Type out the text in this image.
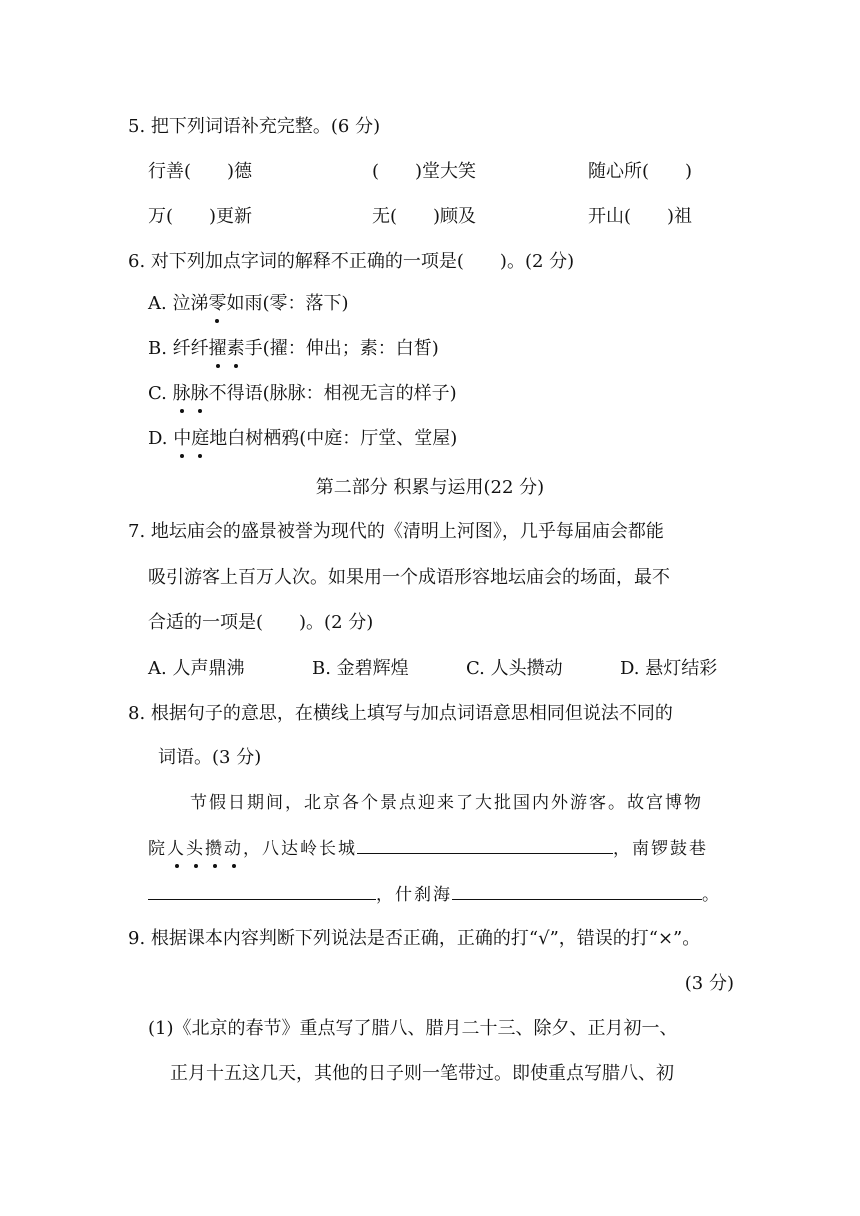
5. 把下列词语补充完整。(6 分)
行善(　　)德	(　　)堂大笑	随心所(　　)
万(　　)更新	无(　　)顾及	开山(　　)祖
6. 对下列加点字词的解释不正确的一项是(　　)。(2 分)
A. 泣涕零如雨(零：落下)
B. 纤纤擢素手(擢：伸出；素：白皙)
C. 脉脉不得语(脉脉：相视无言的样子)
D. 中庭地白树栖鸦(中庭：厅堂、堂屋)
第二部分 积累与运用(22 分)
7. 地坛庙会的盛景被誉为现代的《清明上河图》，几乎每届庙会都能
吸引游客上百万人次。如果用一个成语形容地坛庙会的场面，最不
合适的一项是(　　)。(2 分)
A. 人声鼎沸	B. 金碧辉煌	C. 人头攒动	D. 悬灯结彩
8. 根据句子的意思，在横线上填写与加点词语意思相同但说法不同的
词语。(3 分)
节假日期间，北京各个景点迎来了大批国内外游客。故宫博物
院人头攒动，八达岭长城	，南锣鼓巷
，什刹海	。
9. 根据课本内容判断下列说法是否正确，正确的打“√”，错误的打“×”。
(3 分)
(1)《北京的春节》重点写了腊八、腊月二十三、除夕、正月初一、
正月十五这几天，其他的日子则一笔带过。即使重点写腊八、初
